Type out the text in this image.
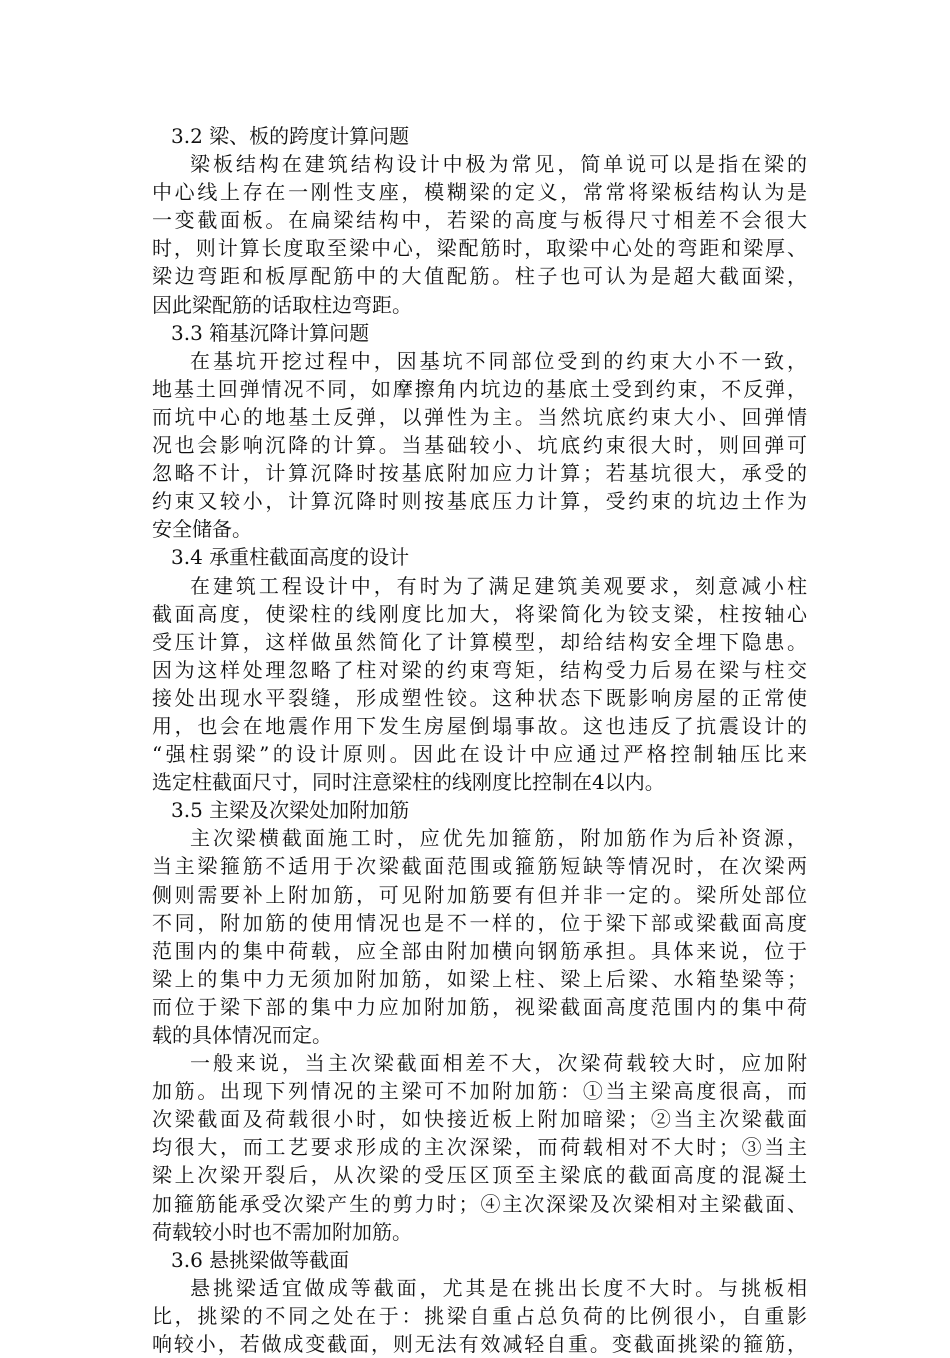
3.2 梁、板的跨度计算问题
梁板结构在建筑结构设计中极为常见，简单说可以是指在梁的
中心线上存在一刚性支座，模糊梁的定义，常常将梁板结构认为是
一变截面板。在扁梁结构中，若梁的高度与板得尺寸相差不会很大
时，则计算长度取至梁中心，梁配筋时，取梁中心处的弯距和梁厚、
梁边弯距和板厚配筋中的大值配筋。柱子也可认为是超大截面梁，
因此梁配筋的话取柱边弯距。
3.3 箱基沉降计算问题
在基坑开挖过程中，因基坑不同部位受到的约束大小不一致，
地基土回弹情况不同，如摩擦角内坑边的基底土受到约束，不反弹，
而坑中心的地基土反弹，以弹性为主。当然坑底约束大小、回弹情
况也会影响沉降的计算。当基础较小、坑底约束很大时，则回弹可
忽略不计，计算沉降时按基底附加应力计算；若基坑很大，承受的
约束又较小，计算沉降时则按基底压力计算，受约束的坑边土作为
安全储备。
3.4 承重柱截面高度的设计
在建筑工程设计中，有时为了满足建筑美观要求，刻意减小柱
截面高度，使梁柱的线刚度比加大，将梁简化为铰支梁，柱按轴心
受压计算，这样做虽然简化了计算模型，却给结构安全埋下隐患。
因为这样处理忽略了柱对梁的约束弯矩，结构受力后易在梁与柱交
接处出现水平裂缝，形成塑性铰。这种状态下既影响房屋的正常使
用，也会在地震作用下发生房屋倒塌事故。这也违反了抗震设计的
“强柱弱梁”的设计原则。因此在设计中应通过严格控制轴压比来
选定柱截面尺寸，同时注意梁柱的线刚度比控制在4以内。
3.5 主梁及次梁处加附加筋
主次梁横截面施工时，应优先加箍筋，附加筋作为后补资源，
当主梁箍筋不适用于次梁截面范围或箍筋短缺等情况时，在次梁两
侧则需要补上附加筋，可见附加筋要有但并非一定的。梁所处部位
不同，附加筋的使用情况也是不一样的，位于梁下部或梁截面高度
范围内的集中荷载，应全部由附加横向钢筋承担。具体来说，位于
梁上的集中力无须加附加筋，如梁上柱、梁上后梁、水箱垫梁等；
而位于梁下部的集中力应加附加筋，视梁截面高度范围内的集中荷
载的具体情况而定。
一般来说，当主次梁截面相差不大，次梁荷载较大时，应加附
加筋。出现下列情况的主梁可不加附加筋：①当主梁高度很高，而
次梁截面及荷载很小时，如快接近板上附加暗梁；②当主次梁截面
均很大，而工艺要求形成的主次深梁，而荷载相对不大时；③当主
梁上次梁开裂后，从次梁的受压区顶至主梁底的截面高度的混凝土
加箍筋能承受次梁产生的剪力时；④主次深梁及次梁相对主梁截面、
荷载较小时也不需加附加筋。
3.6 悬挑梁做等截面
悬挑梁适宜做成等截面，尤其是在挑出长度不大时。与挑板相
比，挑梁的不同之处在于：挑梁自重占总负荷的比例很小，自重影
响较小，若做成变截面，则无法有效减轻自重。变截面挑梁的箍筋，
